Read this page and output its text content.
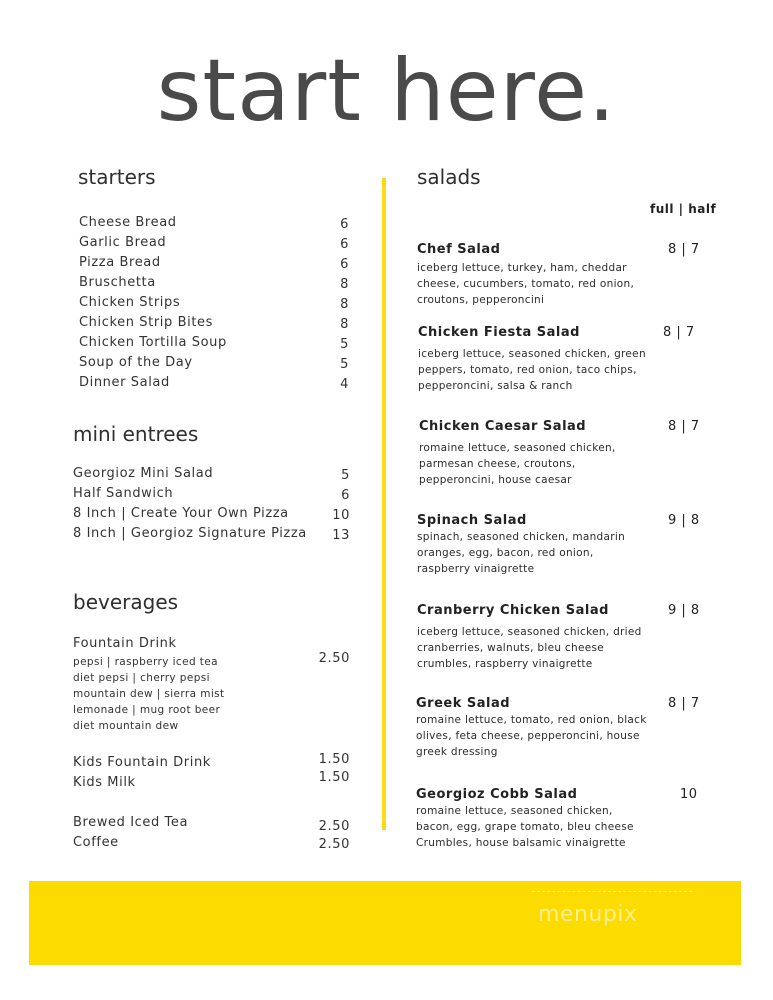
start here.
starters
Cheese Bread	6
Garlic Bread	6
Pizza Bread	6
Bruschetta	8
Chicken Strips	8
Chicken Strip Bites	8
Chicken Tortilla Soup	5
Soup of the Day	5
Dinner Salad	4
mini entrees
Georgioz Mini Salad	5
Half Sandwich	6
8 Inch | Create Your Own Pizza	10
8 Inch | Georgioz Signature Pizza 13
beverages
Fountain Drink
2.50
pepsi | raspberry iced tea
diet pepsi | cherry pepsi
mountain dew | sierra mist
lemonade | mug root beer
diet mountain dew
Kids Fountain Drink	1.50
Kids Milk	1.50
Brewed Iced Tea	2.50
Coffee	2.50
salads
full | half
Chef Salad	8 | 7
iceberg lettuce, turkey, ham, cheddar cheese, cucumbers, tomato, red onion, croutons, pepperoncini
Chicken Fiesta Salad	8 | 7
iceberg lettuce, seasoned chicken, green peppers, tomato, red onion, taco chips, pepperoncini, salsa & ranch
Chicken Caesar Salad	8 | 7
romaine lettuce, seasoned chicken, parmesan cheese, croutons, pepperoncini, house caesar
Spinach Salad	9 | 8
spinach, seasoned chicken, mandarin oranges, egg, bacon, red onion, raspberry vinaigrette
Cranberry Chicken Salad	9 | 8
iceberg lettuce, seasoned chicken, dried cranberries, walnuts, bleu cheese crumbles, raspberry vinaigrette
Greek Salad	8 | 7
romaine lettuce, tomato, red onion, black olives, feta cheese, pepperoncini, house greek dressing
Georgioz Cobb Salad	10
romaine lettuce, seasoned chicken, bacon, egg, grape tomato, bleu cheese Crumbles, house balsamic vinaigrette
menupix
